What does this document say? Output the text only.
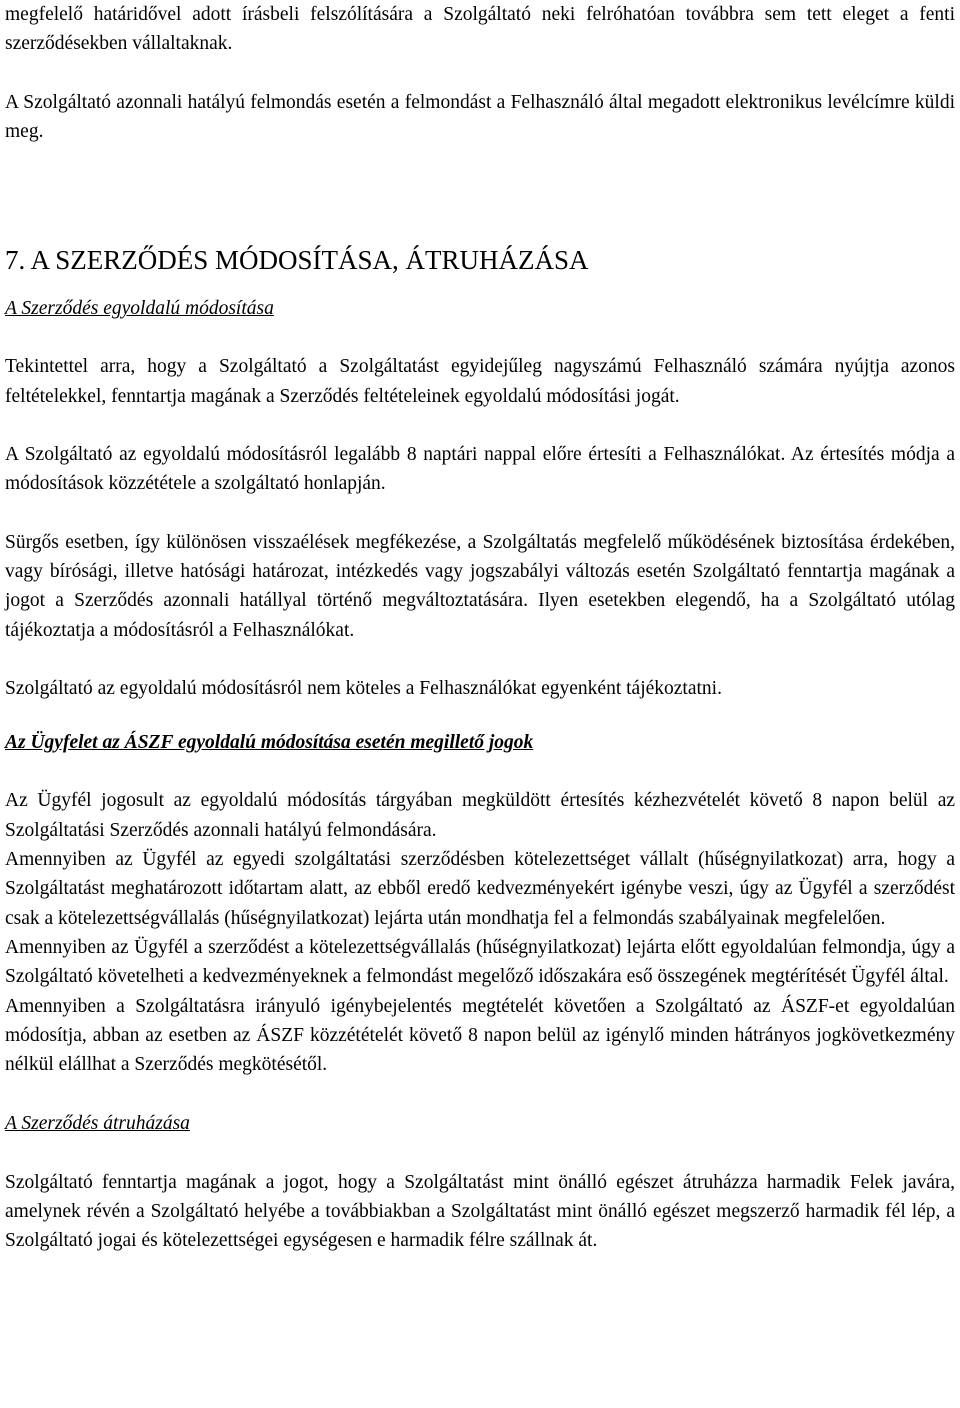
megfelelő határidővel adott írásbeli felszólítására a Szolgáltató neki felróhatóan továbbra sem tett eleget a fenti szerződésekben vállaltaknak.

A Szolgáltató azonnali hatályú felmondás esetén a felmondást a Felhasználó által megadott elektronikus levélcímre küldi meg.

7. A SZERZŐDÉS MÓDOSÍTÁSA, ÁTRUHÁZÁSA

A Szerződés egyoldalú módosítása

Tekintettel arra, hogy a Szolgáltató a Szolgáltatást egyidejűleg nagyszámú Felhasználó számára nyújtja azonos feltételekkel, fenntartja magának a Szerződés feltételeinek egyoldalú módosítási jogát.

A Szolgáltató az egyoldalú módosításról legalább 8 naptári nappal előre értesíti a Felhasználókat. Az értesítés módja a módosítások közzététele a szolgáltató honlapján.

Sürgős esetben, így különösen visszaélések megfékezése, a Szolgáltatás megfelelő működésének biztosítása érdekében, vagy bírósági, illetve hatósági határozat, intézkedés vagy jogszabályi változás esetén Szolgáltató fenntartja magának a jogot a Szerződés azonnali hatállyal történő megváltoztatására. Ilyen esetekben elegendő, ha a Szolgáltató utólag tájékoztatja a módosításról a Felhasználókat.

Szolgáltató az egyoldalú módosításról nem köteles a Felhasználókat egyenként tájékoztatni.

Az Ügyfelet az ÁSZF egyoldalú módosítása esetén megillető jogok

Az Ügyfél jogosult az egyoldalú módosítás tárgyában megküldött értesítés kézhezvételét követő 8 napon belül az Szolgáltatási Szerződés azonnali hatályú felmondására.

Amennyiben az Ügyfél az egyedi szolgáltatási szerződésben kötelezettséget vállalt (hűségnyilatkozat) arra, hogy a Szolgáltatást meghatározott időtartam alatt, az ebből eredő kedvezményekért igénybe veszi, úgy az Ügyfél a szerződést csak a kötelezettségvállalás (hűségnyilatkozat) lejárta után mondhatja fel a felmondás szabályainak megfelelően.

Amennyiben az Ügyfél a szerződést a kötelezettségvállalás (hűségnyilatkozat) lejárta előtt egyoldalúan felmondja, úgy a Szolgáltató követelheti a kedvezményeknek a felmondást megelőző időszakára eső összegének megtérítését Ügyfél által.

Amennyiben a Szolgáltatásra irányuló igénybejelentés megtételét követően a Szolgáltató az ÁSZF-et egyoldalúan módosítja, abban az esetben az ÁSZF közzétételét követő 8 napon belül az igénylő minden hátrányos jogkövetkezmény nélkül elállhat a Szerződés megkötésétől.

A Szerződés átruházása

Szolgáltató fenntartja magának a jogot, hogy a Szolgáltatást mint önálló egészet átruházza harmadik Felek javára, amelynek révén a Szolgáltató helyébe a továbbiakban a Szolgáltatást mint önálló egészet megszerző harmadik fél lép, a Szolgáltató jogai és kötelezettségei egységesen e harmadik félre szállnak át.
